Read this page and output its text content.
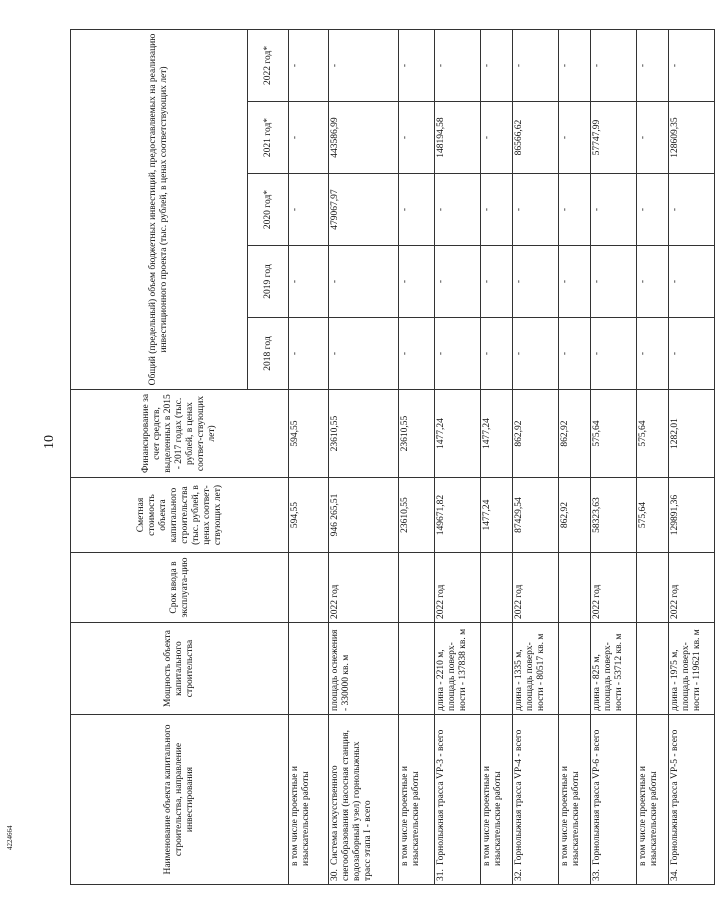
10
4224664	Наименование объекта капитального строительства, направление инвестирования	Мощность объекта капитального строительства	Срок ввода в эксплуата-цию	Сметная стоимость объекта капитального строительства (тыс. рублей, в ценах соответ-ствующих лет)	Финансирование за счет средств, выделенных в 2015 - 2017 годах (тыс. рублей, в ценах соответ-ствующих лет)	Общий (предельный) объем бюджетных инвестиций, предоставляемых на реализацию инвестиционного проекта (тыс. рублей, в ценах соответствующих лет)				
					2018 год	2019 год	2020 год*	2021 год*	2022 год*
в том числе проектные и изыскательские работы			594,55	594,55	-	-	-	-	-
30.Система искусственного снегообразования (насосная станция, водозаборный узел) горнолыжных трасс этапа I - всего	площадь оснежения - 330000 кв. м	2022 год	946 265,51	23610,55	-	-	479067,97	443586,99	-
в том числе проектные и изыскательские работы			23610,55	23610,55	-	-	-	-	-
31.Горнолыжная трасса VP-3 - всего	длина - 2210 м, площадь поверх-ности - 137838 кв. м	2022 год	149671,82	1477,24	-	-	-	148194,58	-
в том числе проектные и изыскательские работы			1477,24	1477,24	-	-	-	-	-
32.Горнолыжная трасса VP-4 - всего	длина - 1335 м, площадь поверх-ности - 80517 кв. м	2022 год	87429,54	862,92	-	-	-	86566,62	-
в том числе проектные и изыскательские работы			862,92	862,92	-	-	-	-	-
33.Горнолыжная трасса VP-6 - всего	длина - 825 м, площадь поверх-ности - 53712 кв. м	2022 год	58323,63	575,64	-	-	-	57747,99	-
в том числе проектные и изыскательские работы			575,64	575,64	-	-	-	-	-
34.Горнолыжная трасса VP-5 - всего	длина - 1975 м, площадь поверх-ности - 119621 кв. м	2022 год	129891,36	1282,01	-	-	-	128609,35	-
